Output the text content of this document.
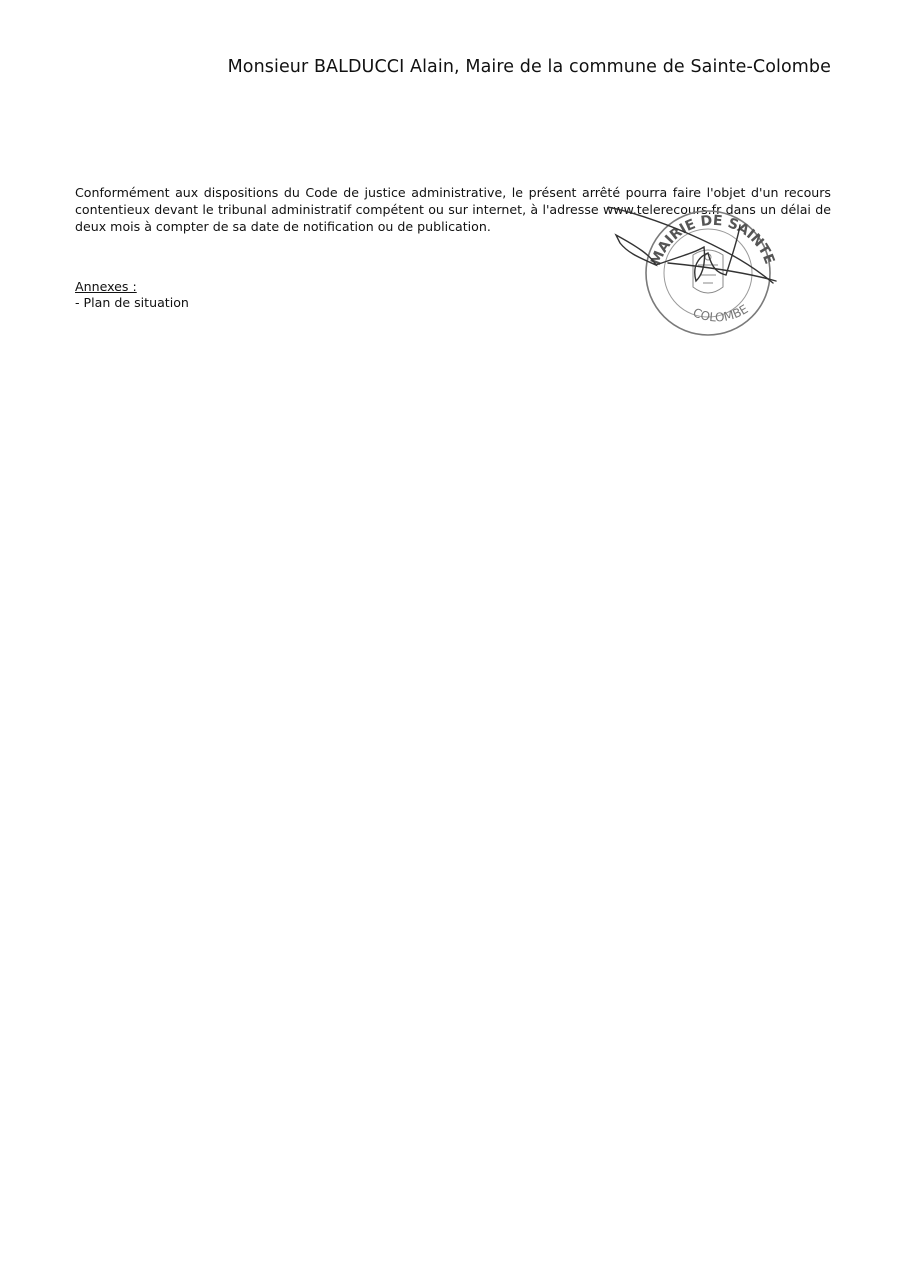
Monsieur BALDUCCI Alain, Maire de la commune de Sainte-Colombe

Conformément aux dispositions du Code de justice administrative, le présent arrêté pourra faire l'objet d'un recours contentieux devant le tribunal administratif compétent ou sur internet, à l'adresse www.telerecours.fr dans un délai de deux mois à compter de sa date de notification ou de publication.

Annexes :
- Plan de situation
MAIRIE DE SAINTE
COLOMBE
